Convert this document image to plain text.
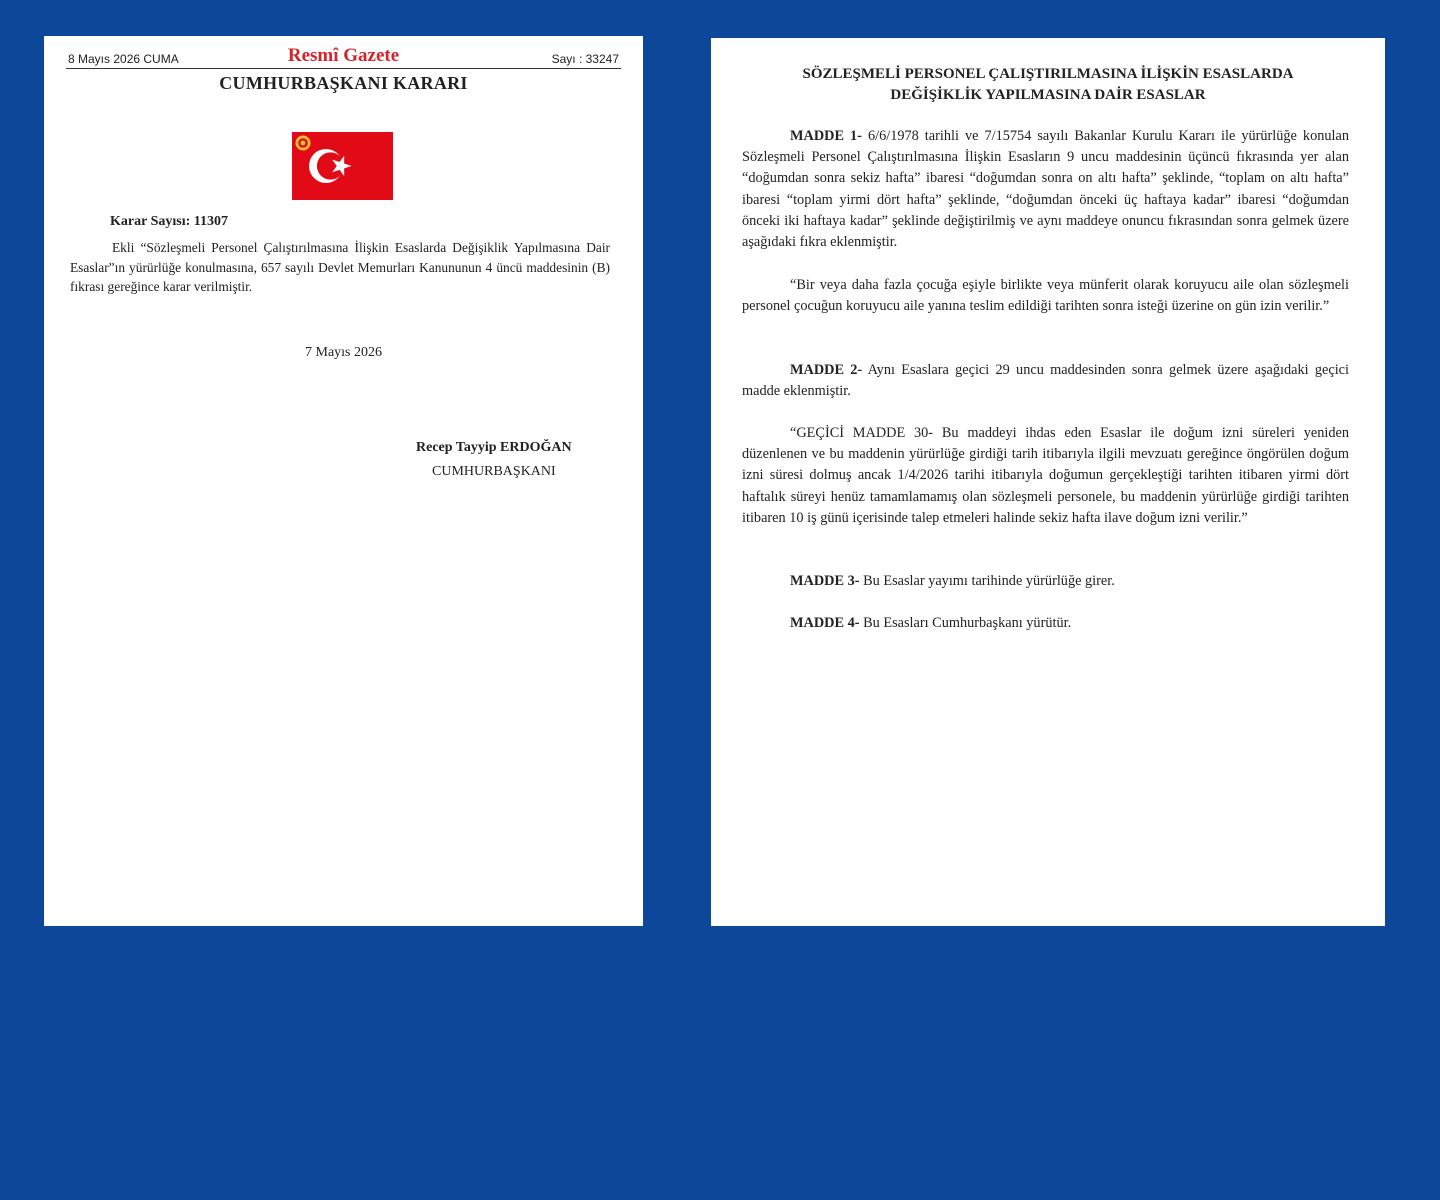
8 Mayıs 2026 CUMA	Resmî Gazete	Sayı : 33247
CUMHURBAŞKANI KARARI
Karar Sayısı: 11307
Ekli “Sözleşmeli Personel Çalıştırılmasına İlişkin Esaslarda Değişiklik Yapılmasına Dair Esaslar”ın yürürlüğe konulmasına, 657 sayılı Devlet Memurları Kanununun 4 üncü maddesinin (B) fıkrası gereğince karar verilmiştir.
7 Mayıs 2026
Recep Tayyip ERDOĞAN
CUMHURBAŞKANI
SÖZLEŞMELİ PERSONEL ÇALIŞTIRILMASINA İLİŞKİN ESASLARDA
DEĞİŞİKLİK YAPILMASINA DAİR ESASLAR
MADDE 1- 6/6/1978 tarihli ve 7/15754 sayılı Bakanlar Kurulu Kararı ile yürürlüğe konulan Sözleşmeli Personel Çalıştırılmasına İlişkin Esasların 9 uncu maddesinin üçüncü fıkrasında yer alan “doğumdan sonra sekiz hafta” ibaresi “doğumdan sonra on altı hafta” şeklinde, “toplam on altı hafta” ibaresi “toplam yirmi dört hafta” şeklinde, “doğumdan önceki üç haftaya kadar” ibaresi “doğumdan önceki iki haftaya kadar” şeklinde değiştirilmiş ve aynı maddeye onuncu fıkrasından sonra gelmek üzere aşağıdaki fıkra eklenmiştir.
“Bir veya daha fazla çocuğa eşiyle birlikte veya münferit olarak koruyucu aile olan sözleşmeli personel çocuğun koruyucu aile yanına teslim edildiği tarihten sonra isteği üzerine on gün izin verilir.”
MADDE 2- Aynı Esaslara geçici 29 uncu maddesinden sonra gelmek üzere aşağıdaki geçici madde eklenmiştir.
“GEÇİCİ MADDE 30- Bu maddeyi ihdas eden Esaslar ile doğum izni süreleri yeniden düzenlenen ve bu maddenin yürürlüğe girdiği tarih itibarıyla ilgili mevzuatı gereğince öngörülen doğum izni süresi dolmuş ancak 1/4/2026 tarihi itibarıyla doğumun gerçekleştiği tarihten itibaren yirmi dört haftalık süreyi henüz tamamlamamış olan sözleşmeli personele, bu maddenin yürürlüğe girdiği tarihten itibaren 10 iş günü içerisinde talep etmeleri halinde sekiz hafta ilave doğum izni verilir.”
MADDE 3- Bu Esaslar yayımı tarihinde yürürlüğe girer.
MADDE 4- Bu Esasları Cumhurbaşkanı yürütür.
